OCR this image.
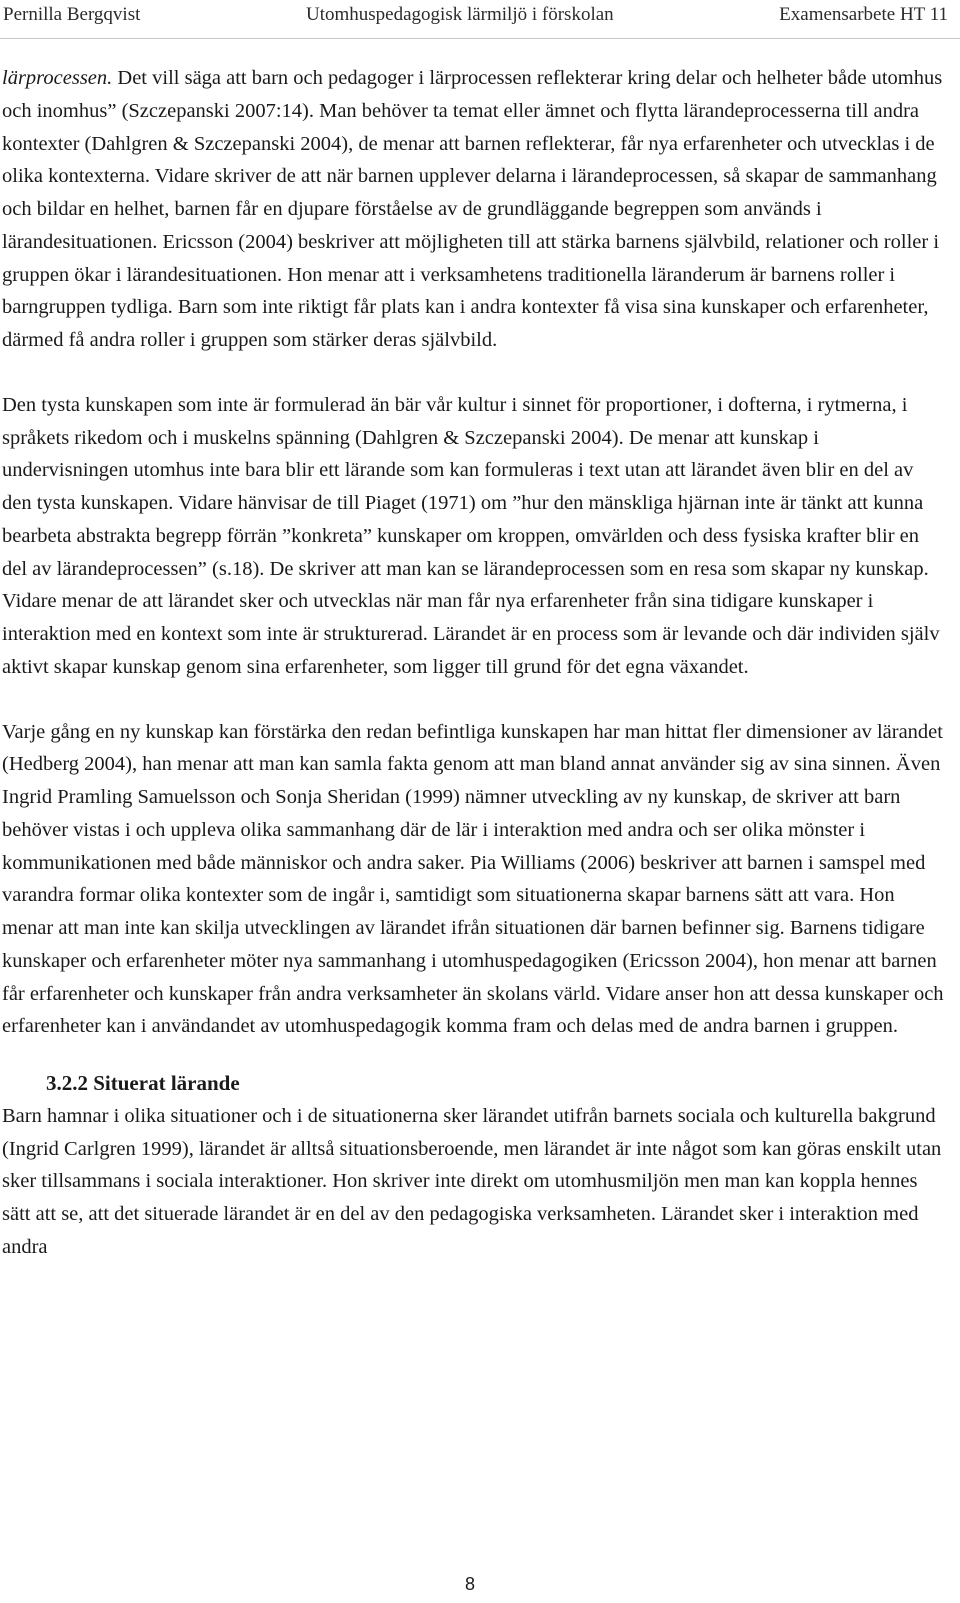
Pernilla Bergqvist	Utomhuspedagogisk lärmiljö i förskolan	Examensarbete HT 11

lärprocessen. Det vill säga att barn och pedagoger i lärprocessen reflekterar kring delar och helheter både utomhus och inomhus” (Szczepanski 2007:14). Man behöver ta temat eller ämnet och flytta lärandeprocesserna till andra kontexter (Dahlgren & Szczepanski 2004), de menar att barnen reflekterar, får nya erfarenheter och utvecklas i de olika kontexterna. Vidare skriver de att när barnen upplever delarna i lärandeprocessen, så skapar de sammanhang och bildar en helhet, barnen får en djupare förståelse av de grundläggande begreppen som används i lärandesituationen. Ericsson (2004) beskriver att möjligheten till att stärka barnens självbild, relationer och roller i gruppen ökar i lärandesituationen. Hon menar att i verksamhetens traditionella läranderum är barnens roller i barngruppen tydliga. Barn som inte riktigt får plats kan i andra kontexter få visa sina kunskaper och erfarenheter, därmed få andra roller i gruppen som stärker deras självbild.

Den tysta kunskapen som inte är formulerad än bär vår kultur i sinnet för proportioner, i dofterna, i rytmerna, i språkets rikedom och i muskelns spänning (Dahlgren & Szczepanski 2004). De menar att kunskap i undervisningen utomhus inte bara blir ett lärande som kan formuleras i text utan att lärandet även blir en del av den tysta kunskapen. Vidare hänvisar de till Piaget (1971) om ”hur den mänskliga hjärnan inte är tänkt att kunna bearbeta abstrakta begrepp förrän ”konkreta” kunskaper om kroppen, omvärlden och dess fysiska krafter blir en del av lärandeprocessen” (s.18). De skriver att man kan se lärandeprocessen som en resa som skapar ny kunskap. Vidare menar de att lärandet sker och utvecklas när man får nya erfarenheter från sina tidigare kunskaper i interaktion med en kontext som inte är strukturerad. Lärandet är en process som är levande och där individen själv aktivt skapar kunskap genom sina erfarenheter, som ligger till grund för det egna växandet.

Varje gång en ny kunskap kan förstärka den redan befintliga kunskapen har man hittat fler dimensioner av lärandet (Hedberg 2004), han menar att man kan samla fakta genom att man bland annat använder sig av sina sinnen. Även Ingrid Pramling Samuelsson och Sonja Sheridan (1999) nämner utveckling av ny kunskap, de skriver att barn behöver vistas i och uppleva olika sammanhang där de lär i interaktion med andra och ser olika mönster i kommunikationen med både människor och andra saker. Pia Williams (2006) beskriver att barnen i samspel med varandra formar olika kontexter som de ingår i, samtidigt som situationerna skapar barnens sätt att vara. Hon menar att man inte kan skilja utvecklingen av lärandet ifrån situationen där barnen befinner sig. Barnens tidigare kunskaper och erfarenheter möter nya sammanhang i utomhuspedagogiken (Ericsson 2004), hon menar att barnen får erfarenheter och kunskaper från andra verksamheter än skolans värld. Vidare anser hon att dessa kunskaper och erfarenheter kan i användandet av utomhuspedagogik komma fram och delas med de andra barnen i gruppen.

3.2.2 Situerat lärande

Barn hamnar i olika situationer och i de situationerna sker lärandet utifrån barnets sociala och kulturella bakgrund (Ingrid Carlgren 1999), lärandet är alltså situationsberoende, men lärandet är inte något som kan göras enskilt utan sker tillsammans i sociala interaktioner. Hon skriver inte direkt om utomhusmiljön men man kan koppla hennes sätt att se, att det situerade lärandet är en del av den pedagogiska verksamheten. Lärandet sker i interaktion med andra

8
